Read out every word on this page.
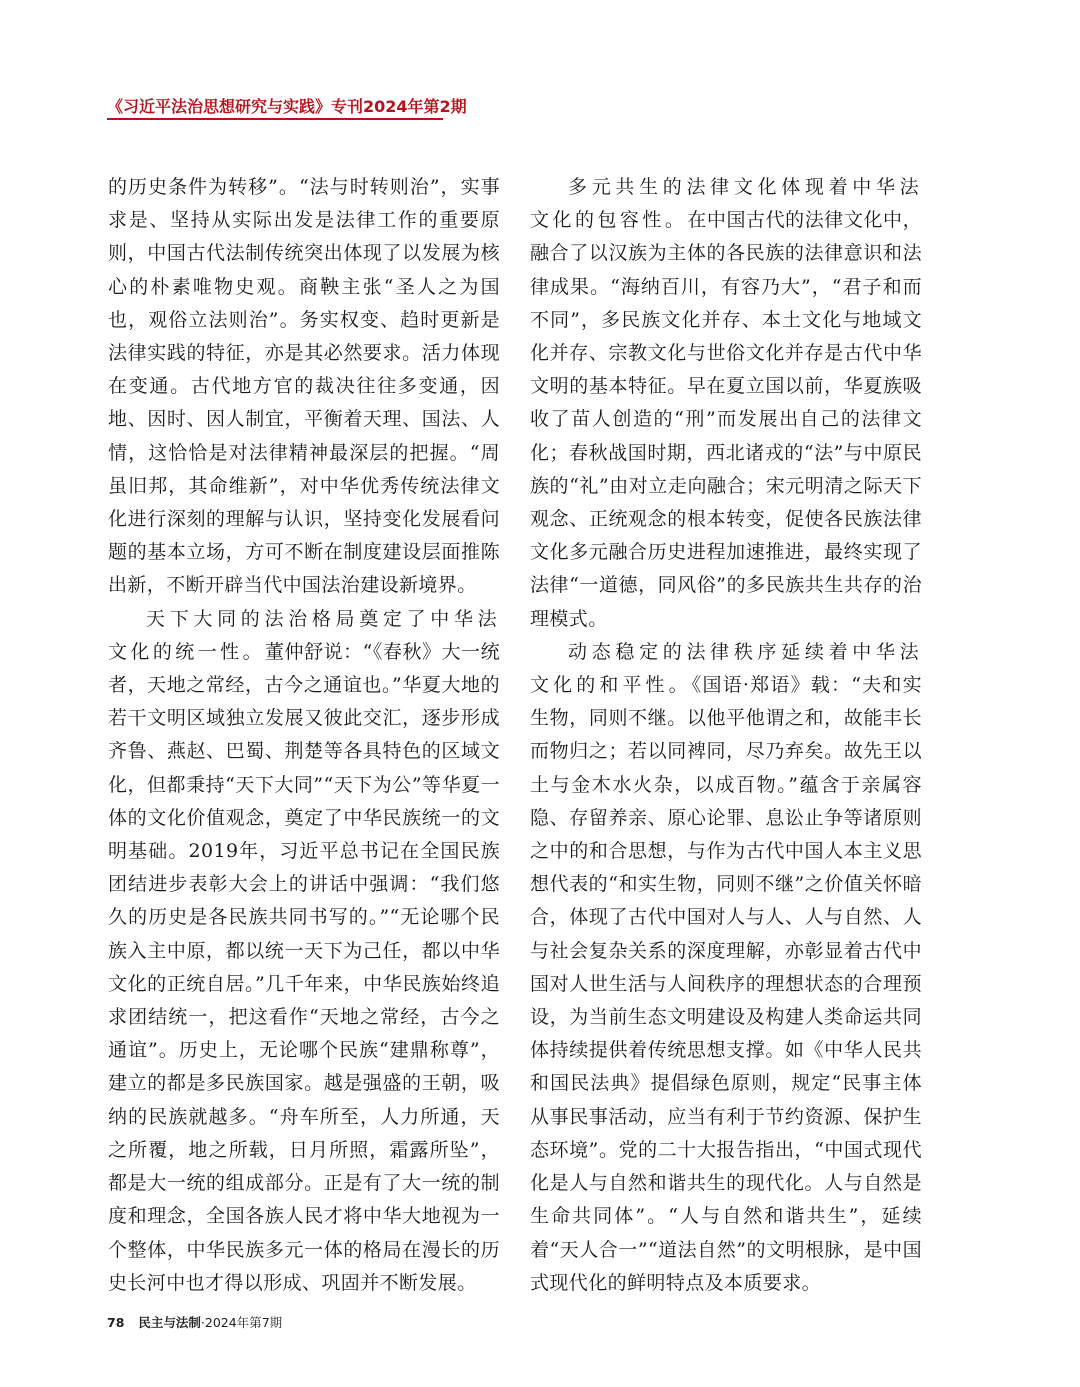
《习近平法治思想研究与实践》专刊2024年第2期

的历史条件为转移”。“法与时转则治”，实事求是、坚持从实际出发是法律工作的重要原则，中国古代法制传统突出体现了以发展为核心的朴素唯物史观。商鞅主张“圣人之为国也，观俗立法则治”。务实权变、趋时更新是法律实践的特征，亦是其必然要求。活力体现在变通。古代地方官的裁决往往多变通，因地、因时、因人制宜，平衡着天理、国法、人情，这恰恰是对法律精神最深层的把握。“周虽旧邦，其命维新”，对中华优秀传统法律文化进行深刻的理解与认识，坚持变化发展看问题的基本立场，方可不断在制度建设层面推陈出新，不断开辟当代中国法治建设新境界。

天下大同的法治格局奠定了中华法文化的统一性。董仲舒说：“《春秋》大一统者，天地之常经，古今之通谊也。”华夏大地的若干文明区域独立发展又彼此交汇，逐步形成齐鲁、燕赵、巴蜀、荆楚等各具特色的区域文化，但都秉持“天下大同”“天下为公”等华夏一体的文化价值观念，奠定了中华民族统一的文明基础。2019年，习近平总书记在全国民族团结进步表彰大会上的讲话中强调：“我们悠久的历史是各民族共同书写的。”“无论哪个民族入主中原，都以统一天下为己任，都以中华文化的正统自居。”几千年来，中华民族始终追求团结统一，把这看作“天地之常经，古今之通谊”。历史上，无论哪个民族“建鼎称尊”，建立的都是多民族国家。越是强盛的王朝，吸纳的民族就越多。“舟车所至，人力所通，天之所覆，地之所载，日月所照，霜露所坠”，都是大一统的组成部分。正是有了大一统的制度和理念，全国各族人民才将中华大地视为一个整体，中华民族多元一体的格局在漫长的历史长河中也才得以形成、巩固并不断发展。

多元共生的法律文化体现着中华法文化的包容性。在中国古代的法律文化中，融合了以汉族为主体的各民族的法律意识和法律成果。“海纳百川，有容乃大”，“君子和而不同”，多民族文化并存、本土文化与地域文化并存、宗教文化与世俗文化并存是古代中华文明的基本特征。早在夏立国以前，华夏族吸收了苗人创造的“刑”而发展出自己的法律文化；春秋战国时期，西北诸戎的“法”与中原民族的“礼”由对立走向融合；宋元明清之际天下观念、正统观念的根本转变，促使各民族法律文化多元融合历史进程加速推进，最终实现了法律“一道德，同风俗”的多民族共生共存的治理模式。

动态稳定的法律秩序延续着中华法文化的和平性。《国语·郑语》载：“夫和实生物，同则不继。以他平他谓之和，故能丰长而物归之；若以同裨同，尽乃弃矣。故先王以土与金木水火杂，以成百物。”蕴含于亲属容隐、存留养亲、原心论罪、息讼止争等诸原则之中的和合思想，与作为古代中国人本主义思想代表的“和实生物，同则不继”之价值关怀暗合，体现了古代中国对人与人、人与自然、人与社会复杂关系的深度理解，亦彰显着古代中国对人世生活与人间秩序的理想状态的合理预设，为当前生态文明建设及构建人类命运共同体持续提供着传统思想支撑。如《中华人民共和国民法典》提倡绿色原则，规定“民事主体从事民事活动，应当有利于节约资源、保护生态环境”。党的二十大报告指出，“中国式现代化是人与自然和谐共生的现代化。人与自然是生命共同体”。“人与自然和谐共生”，延续着“天人合一”“道法自然”的文明根脉，是中国式现代化的鲜明特点及本质要求。

78 民主与法制·2024年第7期
